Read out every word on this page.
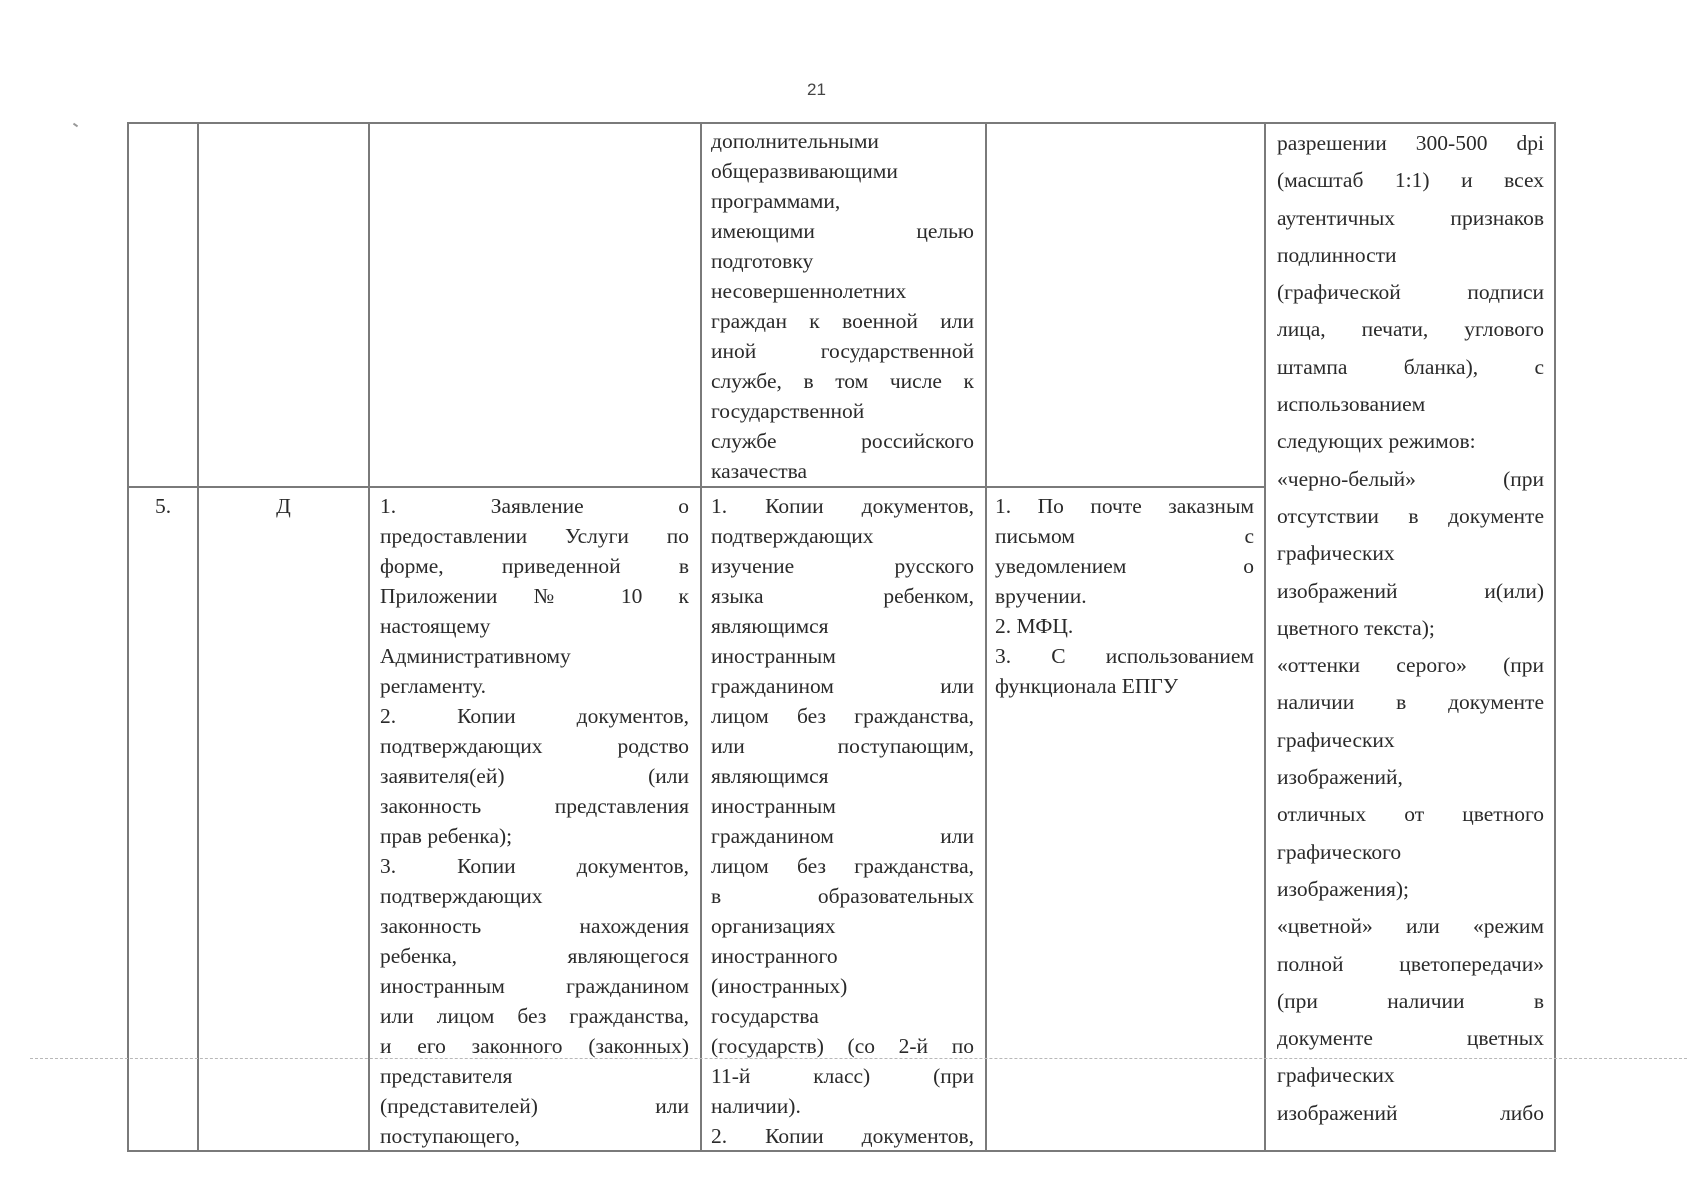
21

дополнительными

общеразвивающими

программами,

имеющими целью

подготовку

несовершеннолетних

граждан к военной или

иной государственной

службе, в том числе к

государственной

службе российского

казачества

5.	Д	1. Заявление о

предоставлении Услуги по

форме, приведенной в

Приложении № 10 к

настоящему

Административному

регламенту.

2. Копии документов,

подтверждающих родство

заявителя(ей) (или

законность представления

прав ребенка);

3. Копии документов,

подтверждающих

законность нахождения

ребенка, являющегося

иностранным гражданином

или лицом без гражданства,

и его законного (законных)

представителя

(представителей) или

поступающего,

1. Копии документов,

подтверждающих

изучение русского

языка ребенком,

являющимся

иностранным

гражданином или

лицом без гражданства,

или поступающим,

являющимся

иностранным

гражданином или

лицом без гражданства,

в образовательных

организациях

иностранного

(иностранных)

государства

(государств) (со 2-й по

11-й класс) (при

наличии).

2. Копии документов,

1. По почте заказным

письмом с

уведомлением о

вручении.

2. МФЦ.

3. С использованием

функционала ЕПГУ

разрешении 300-500 dpi

(масштаб 1:1) и всех

аутентичных признаков

подлинности

(графической подписи

лица, печати, углового

штампа бланка), с

использованием

следующих режимов:

«черно-белый» (при

отсутствии в документе

графических

изображений и(или)

цветного текста);

«оттенки серого» (при

наличии в документе

графических

изображений,

отличных от цветного

графического

изображения);

«цветной» или «режим

полной цветопередачи»

(при наличии в

документе цветных

графических

изображений либо
